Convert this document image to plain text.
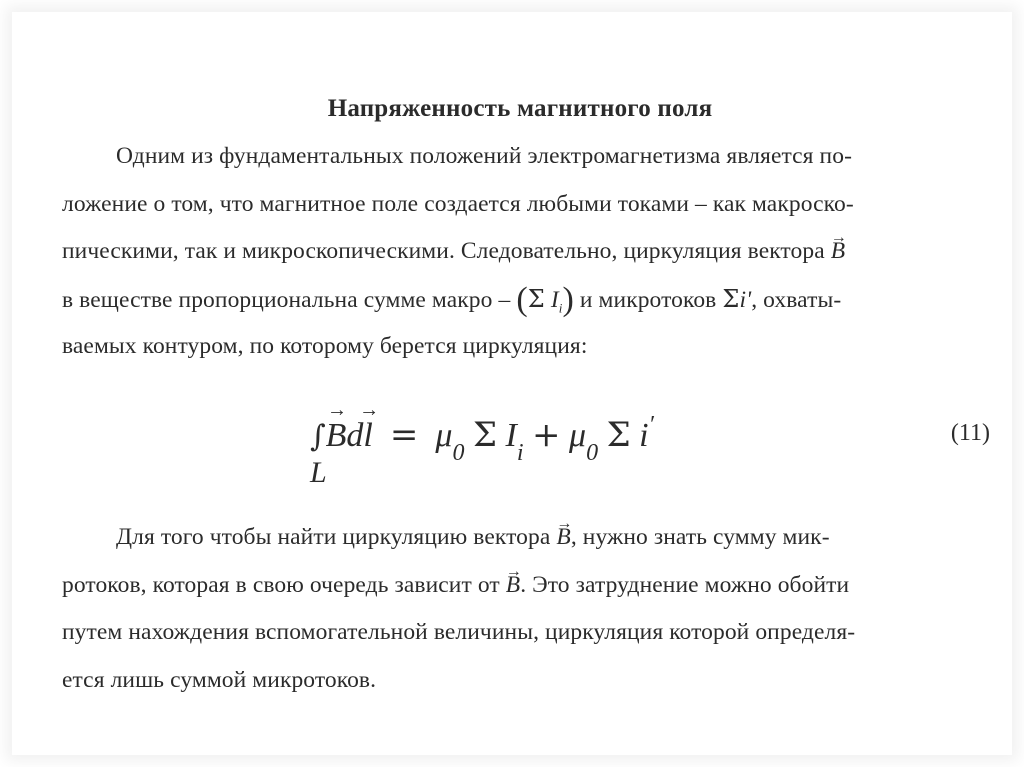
Напряженность магнитного поля
Одним из фундаментальных положений электромагнетизма является по-
ложение о том, что магнитное поле создается любыми токами – как макроско-
пическими, так и микроскопическими. Следовательно, циркуляция вектора → B
в веществе пропорциональна сумме макро – (Σ $I_i$) и микротоков Σi', охваты-
ваемых контуром, по которому берется циркуляция:
∫→ $Bd\to l = \mu_0$ Σ $I_i + \mu_0$ Σ i′
L
(11)
Для того чтобы найти циркуляцию вектора → B, нужно знать сумму мик-
ротоков, которая в свою очередь зависит от → B. Это затруднение можно обойти
путем нахождения вспомогательной величины, циркуляция которой определя-
ется лишь суммой микротоков.
